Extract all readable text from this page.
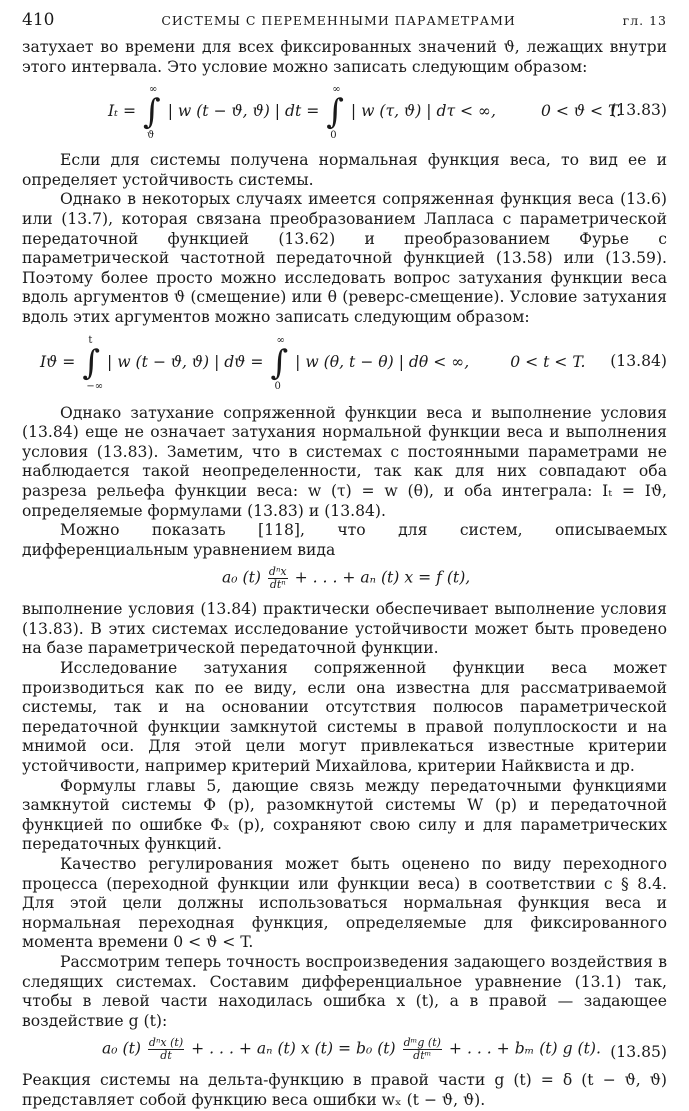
410	СИСТЕМЫ С ПЕРЕМЕННЫМИ ПАРАМЕТРАМИ	гл. 13

затухает во времени для всех фиксированных значений ϑ, лежащих внутри этого интервала. Это условие можно записать следующим образом:

Iₜ = ∫
∞
ϑ
| w (t − ϑ, ϑ) | dt = ∫
∞
0
| w (τ, ϑ) | dτ < ∞,	0 < ϑ < T.
(13.83)

Если для системы получена нормальная функция веса, то вид ее и определяет устойчивость системы.

Однако в некоторых случаях имеется сопряженная функция веса (13.6) или (13.7), которая связана преобразованием Лапласа с параметрической передаточной функцией (13.62) и преобразованием Фурье с параметрической частотной передаточной функцией (13.58) или (13.59). Поэтому более просто можно исследовать вопрос затухания функции веса вдоль аргументов ϑ (смещение) или θ (реверс-смещение). Условие затухания вдоль этих аргументов можно записать следующим образом:

Iϑ = ∫
t
−∞
| w (t − ϑ, ϑ) | dϑ = ∫
∞
0
| w (θ, t − θ) | dθ < ∞,	0 < t < T. (13.84)

Однако затухание сопряженной функции веса и выполнение условия (13.84) еще не означает затухания нормальной функции веса и выполнения условия (13.83). Заметим, что в системах с постоянными параметрами не наблюдается такой неопределенности, так как для них совпадают оба разреза рельефа функции веса: w (τ) = w (θ), и оба интеграла: Iₜ = Iϑ, определяемые формулами (13.83) и (13.84).

Можно показать [118], что для систем, описываемых дифференциальным уравнением вида

a₀ $(t) \frac{\text{dⁿx}}{\text{dtⁿ}}$ + . . . + aₙ (t) x = f (t),

выполнение условия (13.84) практически обеспечивает выполнение условия (13.83). В этих системах исследование устойчивости может быть проведено на базе параметрической передаточной функции.

Исследование затухания сопряженной функции веса может производиться как по ее виду, если она известна для рассматриваемой системы, так и на основании отсутствия полюсов параметрической передаточной функции замкнутой системы в правой полуплоскости и на мнимой оси. Для этой цели могут привлекаться известные критерии устойчивости, например критерий Михайлова, критерии Найквиста и др.

Формулы главы 5, дающие связь между передаточными функциями замкнутой системы Φ (p), разомкнутой системы W (p) и передаточной функцией по ошибке Φₓ (p), сохраняют свою силу и для параметрических передаточных функций.

Качество регулирования может быть оценено по виду переходного процесса (переходной функции или функции веса) в соответствии с § 8.4. Для этой цели должны использоваться нормальная функция веса и нормальная переходная функция, определяемые для фиксированного момента времени 0 < ϑ < T.

Рассмотрим теперь точность воспроизведения задающего воздействия в следящих системах. Составим дифференциальное уравнение (13.1) так, чтобы в левой части находилась ошибка x (t), а в правой — задающее воздействие g (t):

a₀ $(t) \frac{\text{dⁿx (t)}}{dt}$ + . . . + aₙ (t) x (t) = b₀ $(t) \frac{\text{dᵐg (t)}}{\text{dtᵐ}}$ + . . . + bₘ (t) g (t). (13.85)

Реакция системы на дельта-функцию в правой части g (t) = δ (t − ϑ, ϑ) представляет собой функцию веса ошибки wₓ (t − ϑ, ϑ).
